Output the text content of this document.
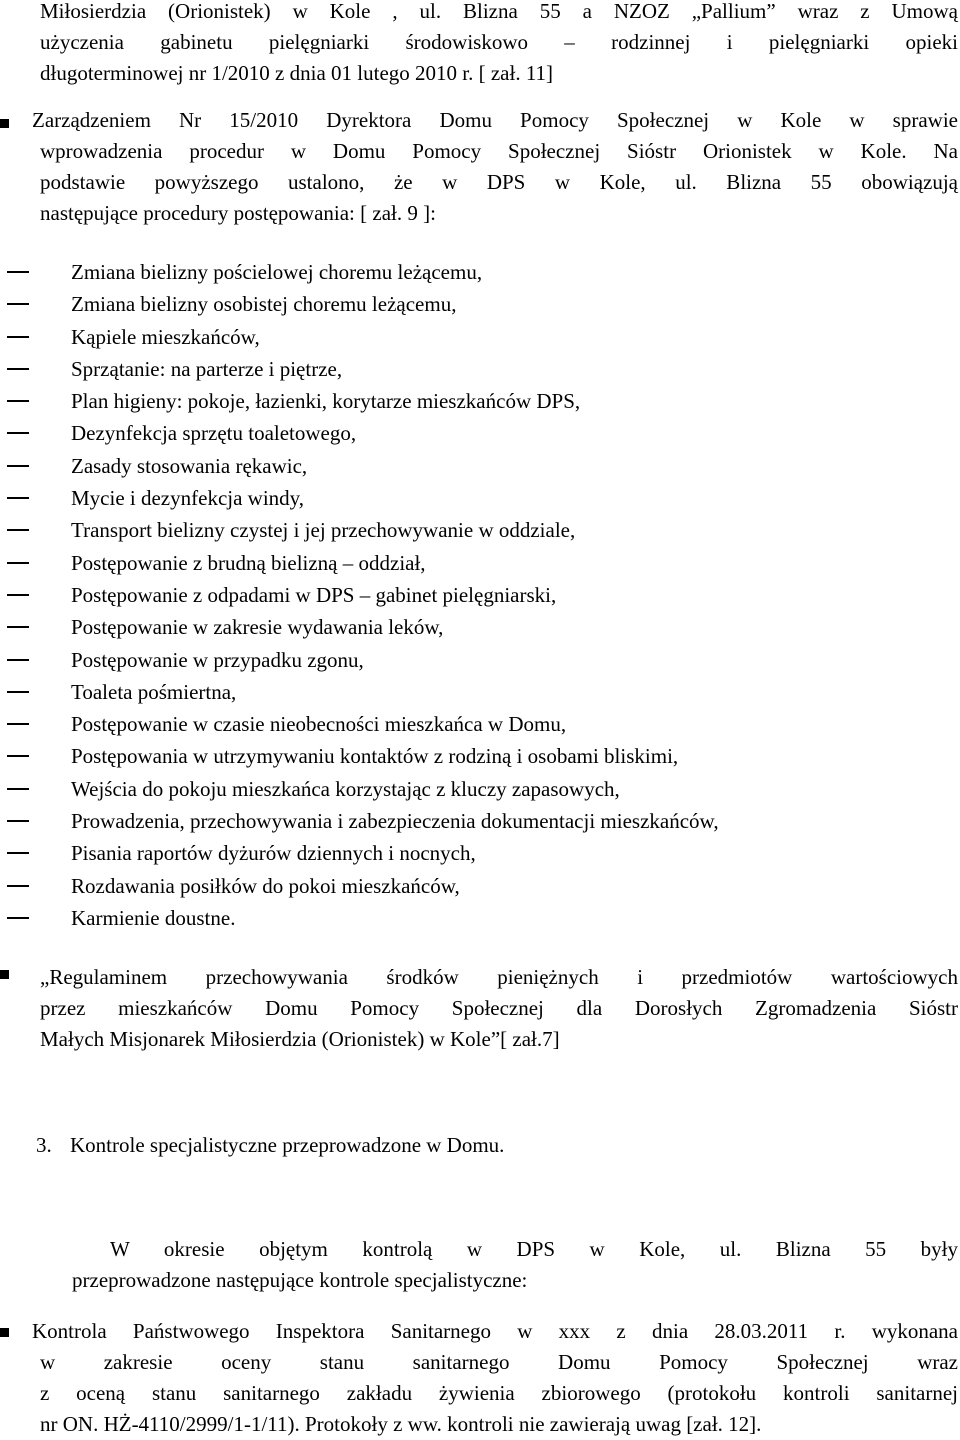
Miłosierdzia (Orionistek) w Kole , ul. Blizna 55 a NZOZ „Pallium” wraz z Umową
użyczenia gabinetu pielęgniarki środowiskowo – rodzinnej i pielęgniarki opieki
długoterminowej nr 1/2010 z dnia 01 lutego 2010 r. [ zał. 11]
Zarządzeniem Nr 15/2010 Dyrektora Domu Pomocy Społecznej w Kole w sprawie
wprowadzenia procedur w Domu Pomocy Społecznej Sióstr Orionistek w Kole. Na
podstawie powyższego ustalono, że w DPS w Kole, ul. Blizna 55 obowiązują
następujące procedury postępowania: [ zał. 9 ]:
Zmiana bielizny pościelowej choremu leżącemu,
Zmiana bielizny osobistej choremu leżącemu,
Kąpiele mieszkańców,
Sprzątanie: na parterze i piętrze,
Plan higieny: pokoje, łazienki, korytarze mieszkańców DPS,
Dezynfekcja sprzętu toaletowego,
Zasady stosowania rękawic,
Mycie i dezynfekcja windy,
Transport bielizny czystej i jej przechowywanie w oddziale,
Postępowanie z brudną bielizną – oddział,
Postępowanie z odpadami w DPS – gabinet pielęgniarski,
Postępowanie w zakresie wydawania leków,
Postępowanie w przypadku zgonu,
Toaleta pośmiertna,
Postępowanie w czasie nieobecności mieszkańca w Domu,
Postępowania w utrzymywaniu kontaktów z rodziną i osobami bliskimi,
Wejścia do pokoju mieszkańca korzystając z kluczy zapasowych,
Prowadzenia, przechowywania i zabezpieczenia dokumentacji mieszkańców,
Pisania raportów dyżurów dziennych i nocnych,
Rozdawania posiłków do pokoi mieszkańców,
Karmienie doustne.
„Regulaminem przechowywania środków pieniężnych i przedmiotów wartościowych
przez mieszkańców Domu Pomocy Społecznej dla Dorosłych Zgromadzenia Sióstr
Małych Misjonarek Miłosierdzia (Orionistek) w Kole”[ zał.7]
3. Kontrole specjalistyczne przeprowadzone w Domu.
W okresie objętym kontrolą w DPS w Kole, ul. Blizna 55 były
przeprowadzone następujące kontrole specjalistyczne:
Kontrola Państwowego Inspektora Sanitarnego w xxx z dnia 28.03.2011 r. wykonana
w zakresie oceny stanu sanitarnego Domu Pomocy Społecznej wraz
z oceną stanu sanitarnego zakładu żywienia zbiorowego (protokołu kontroli sanitarnej
nr ON. HŻ-4110/2999/1-1/11). Protokoły z ww. kontroli nie zawierają uwag [zał. 12].
